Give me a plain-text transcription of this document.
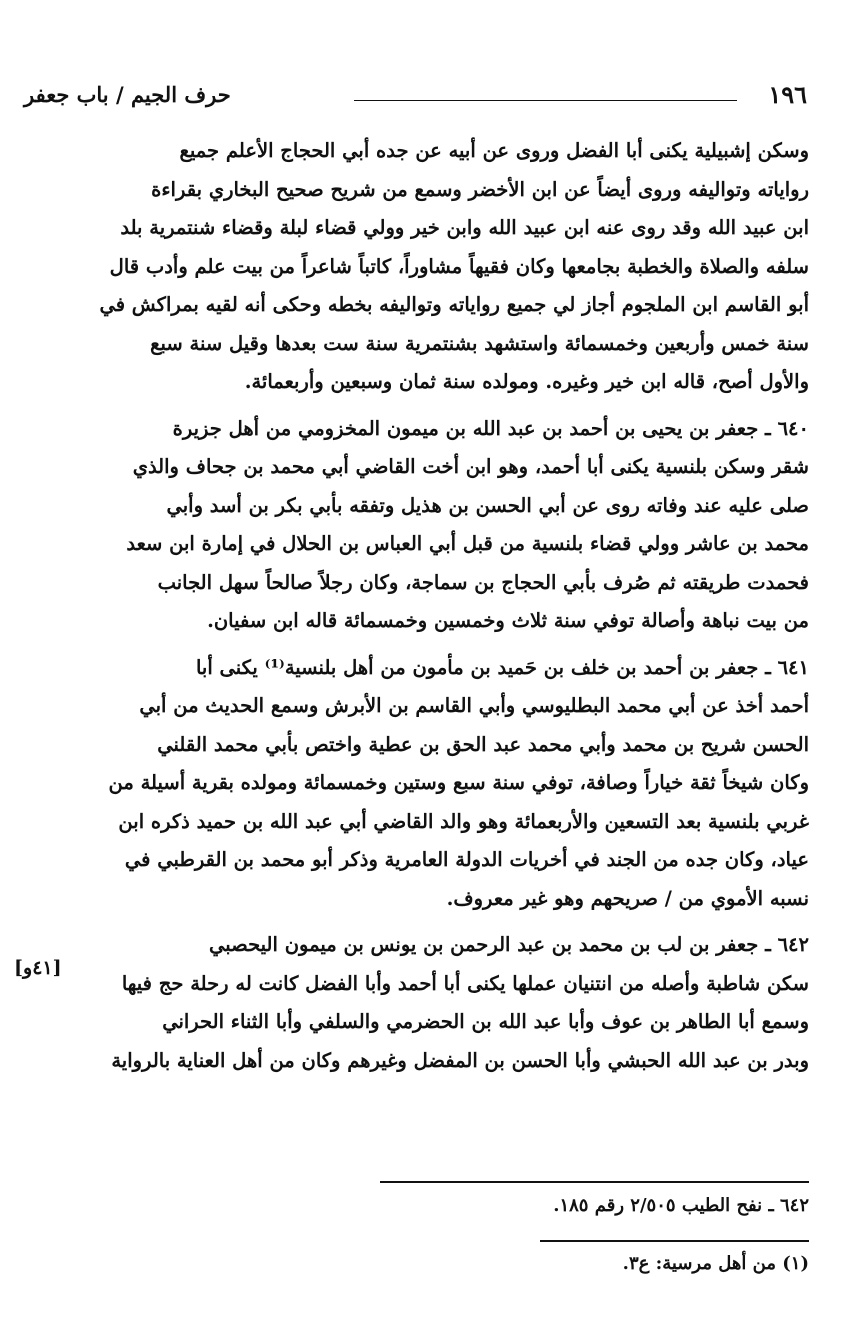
١٩٦
حرف الجيم / باب جعفر

وسكن إشبيلية يكنى أبا الفضل وروى عن أبيه عن جده أبي الحجاج الأعلم جميع
رواياته وتواليفه وروى أيضاً عن ابن الأخضر وسمع من شريح صحيح البخاري بقراءة
ابن عبيد الله وقد روى عنه ابن عبيد الله وابن خير وولي قضاء لبلة وقضاء شنتمرية بلد
سلفه والصلاة والخطبة بجامعها وكان فقيهاً مشاوراً، كاتباً شاعراً من بيت علم وأدب قال
أبو القاسم ابن الملجوم أجاز لي جميع رواياته وتواليفه بخطه وحكى أنه لقيه بمراكش في
سنة خمس وأربعين وخمسمائة واستشهد بشنتمرية سنة ست بعدها وقيل سنة سبع
والأول أصح، قاله ابن خير وغيره. ومولده سنة ثمان وسبعين وأربعمائة.

٦٤٠ ـ جعفر بن يحيى بن أحمد بن عبد الله بن ميمون المخزومي من أهل جزيرة
شقر وسكن بلنسية يكنى أبا أحمد، وهو ابن أخت القاضي أبي محمد بن جحاف والذي
صلى عليه عند وفاته روى عن أبي الحسن بن هذيل وتفقه بأبي بكر بن أسد وأبي
محمد بن عاشر وولي قضاء بلنسية من قبل أبي العباس بن الحلال في إمارة ابن سعد
فحمدت طريقته ثم صُرف بأبي الحجاج بن سماجة، وكان رجلاً صالحاً سهل الجانب
من بيت نباهة وأصالة توفي سنة ثلاث وخمسين وخمسمائة قاله ابن سفيان.

٦٤١ ـ جعفر بن أحمد بن خلف بن حَميد بن مأمون من أهل بلنسية⁽¹⁾ يكنى أبا
أحمد أخذ عن أبي محمد البطليوسي وأبي القاسم بن الأبرش وسمع الحديث من أبي
الحسن شريح بن محمد وأبي محمد عبد الحق بن عطية واختص بأبي محمد القلني
وكان شيخاً ثقة خياراً وصافة، توفي سنة سبع وستين وخمسمائة ومولده بقرية أسيلة من
غربي بلنسية بعد التسعين والأربعمائة وهو والد القاضي أبي عبد الله بن حميد ذكره ابن
عياد، وكان جده من الجند في أخريات الدولة العامرية وذكر أبو محمد بن القرطبي في
نسبه الأموي من / صريحهم وهو غير معروف.

٦٤٢ ـ جعفر بن لب بن محمد بن عبد الرحمن بن يونس بن ميمون اليحصبي
سكن شاطبة وأصله من انتنيان عملها يكنى أبا أحمد وأبا الفضل كانت له رحلة حج فيها
وسمع أبا الطاهر بن عوف وأبا عبد الله بن الحضرمي والسلفي وأبا الثناء الحراني
وبدر بن عبد الله الحبشي وأبا الحسن بن المفضل وغيرهم وكان من أهل العناية بالرواية

[٤١و]
٦٤٢ ـ نفح الطيب ٢/٥٠٥ رقم ١٨٥.
(١) من أهل مرسية: ع٣.
